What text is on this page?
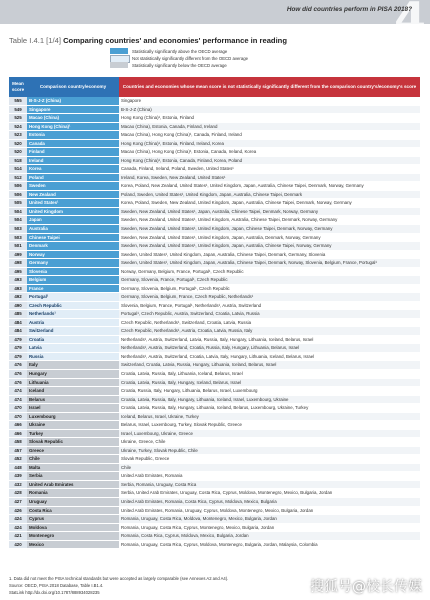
4
How did countries perform in PISA 2018?
Table I.4.1 [1/4] Comparing countries' and economies' performance in reading
Statistically significantly above the OECD average
Not statistically significantly different from the OECD average
Statistically significantly below the OECD average
Mean score	Comparison country/economy	Countries and economies whose mean score is not statistically significantly different from the comparison country's/economy's score
555	B-S-J-Z (China)	Singapore
549	Singapore	B-S-J-Z (China)
525	Macao (China)	Hong Kong (China)¹, Estonia, Finland
524	Hong Kong (China)¹	Macao (China), Estonia, Canada, Finland, Ireland
523	Estonia	Macao (China), Hong Kong (China)¹, Canada, Finland, Ireland
520	Canada	Hong Kong (China)¹, Estonia, Finland, Ireland, Korea
520	Finland	Macao (China), Hong Kong (China)¹, Estonia, Canada, Ireland, Korea
518	Ireland	Hong Kong (China)¹, Estonia, Canada, Finland, Korea, Poland
514	Korea	Canada, Finland, Ireland, Poland, Sweden, United States¹
512	Poland	Ireland, Korea, Sweden, New Zealand, United States¹
506	Sweden	Korea, Poland, New Zealand, United States¹, United Kingdom, Japan, Australia, Chinese Taipei, Denmark, Norway, Germany
506	New Zealand	Poland, Sweden, United States¹, United Kingdom, Japan, Australia, Chinese Taipei, Denmark
505	United States¹	Korea, Poland, Sweden, New Zealand, United Kingdom, Japan, Australia, Chinese Taipei, Denmark, Norway, Germany
504	United Kingdom	Sweden, New Zealand, United States¹, Japan, Australia, Chinese Taipei, Denmark, Norway, Germany
504	Japan	Sweden, New Zealand, United States¹, United Kingdom, Australia, Chinese Taipei, Denmark, Norway, Germany
503	Australia	Sweden, New Zealand, United States¹, United Kingdom, Japan, Chinese Taipei, Denmark, Norway, Germany
503	Chinese Taipei	Sweden, New Zealand, United States¹, United Kingdom, Japan, Australia, Denmark, Norway, Germany
501	Denmark	Sweden, New Zealand, United States¹, United Kingdom, Japan, Australia, Chinese Taipei, Norway, Germany
499	Norway	Sweden, United States¹, United Kingdom, Japan, Australia, Chinese Taipei, Denmark, Germany, Slovenia
498	Germany	Sweden, United States¹, United Kingdom, Japan, Australia, Chinese Taipei, Denmark, Norway, Slovenia, Belgium, France, Portugal¹
495	Slovenia	Norway, Germany, Belgium, France, Portugal¹, Czech Republic
493	Belgium	Germany, Slovenia, France, Portugal¹, Czech Republic
493	France	Germany, Slovenia, Belgium, Portugal¹, Czech Republic
492	Portugal¹	Germany, Slovenia, Belgium, France, Czech Republic, Netherlands¹
490	Czech Republic	Slovenia, Belgium, France, Portugal¹, Netherlands¹, Austria, Switzerland
485	Netherlands¹	Portugal¹, Czech Republic, Austria, Switzerland, Croatia, Latvia, Russia
484	Austria	Czech Republic, Netherlands¹, Switzerland, Croatia, Latvia, Russia
484	Switzerland	Czech Republic, Netherlands¹, Austria, Croatia, Latvia, Russia, Italy
479	Croatia	Netherlands¹, Austria, Switzerland, Latvia, Russia, Italy, Hungary, Lithuania, Iceland, Belarus, Israel
479	Latvia	Netherlands¹, Austria, Switzerland, Croatia, Russia, Italy, Hungary, Lithuania, Belarus, Israel
479	Russia	Netherlands¹, Austria, Switzerland, Croatia, Latvia, Italy, Hungary, Lithuania, Iceland, Belarus, Israel
476	Italy	Switzerland, Croatia, Latvia, Russia, Hungary, Lithuania, Iceland, Belarus, Israel
476	Hungary	Croatia, Latvia, Russia, Italy, Lithuania, Iceland, Belarus, Israel
476	Lithuania	Croatia, Latvia, Russia, Italy, Hungary, Iceland, Belarus, Israel
474	Iceland	Croatia, Russia, Italy, Hungary, Lithuania, Belarus, Israel, Luxembourg
474	Belarus	Croatia, Latvia, Russia, Italy, Hungary, Lithuania, Iceland, Israel, Luxembourg, Ukraine
470	Israel	Croatia, Latvia, Russia, Italy, Hungary, Lithuania, Iceland, Belarus, Luxembourg, Ukraine, Turkey
470	Luxembourg	Iceland, Belarus, Israel, Ukraine, Turkey
466	Ukraine	Belarus, Israel, Luxembourg, Turkey, Slovak Republic, Greece
466	Turkey	Israel, Luxembourg, Ukraine, Greece
458	Slovak Republic	Ukraine, Greece, Chile
457	Greece	Ukraine, Turkey, Slovak Republic, Chile
452	Chile	Slovak Republic, Greece
448	Malta	Chile
439	Serbia	United Arab Emirates, Romania
432	United Arab Emirates	Serbia, Romania, Uruguay, Costa Rica
428	Romania	Serbia, United Arab Emirates, Uruguay, Costa Rica, Cyprus, Moldova, Montenegro, Mexico, Bulgaria, Jordan
427	Uruguay	United Arab Emirates, Romania, Costa Rica, Cyprus, Moldova, Mexico, Bulgaria
426	Costa Rica	United Arab Emirates, Romania, Uruguay, Cyprus, Moldova, Montenegro, Mexico, Bulgaria, Jordan
424	Cyprus	Romania, Uruguay, Costa Rica, Moldova, Montenegro, Mexico, Bulgaria, Jordan
424	Moldova	Romania, Uruguay, Costa Rica, Cyprus, Montenegro, Mexico, Bulgaria, Jordan
421	Montenegro	Romania, Costa Rica, Cyprus, Moldova, Mexico, Bulgaria, Jordan
420	Mexico	Romania, Uruguay, Costa Rica, Cyprus, Moldova, Montenegro, Bulgaria, Jordan, Malaysia, Colombia
1. Data did not meet the PISA technical standards but were accepted as largely comparable (see Annexes A2 and A4).
Source: OECD, PISA 2018 Database, Table I.B1.4.
StatLink http://dx.doi.org/10.1787/888934028235	搜狐号@校长传媒
